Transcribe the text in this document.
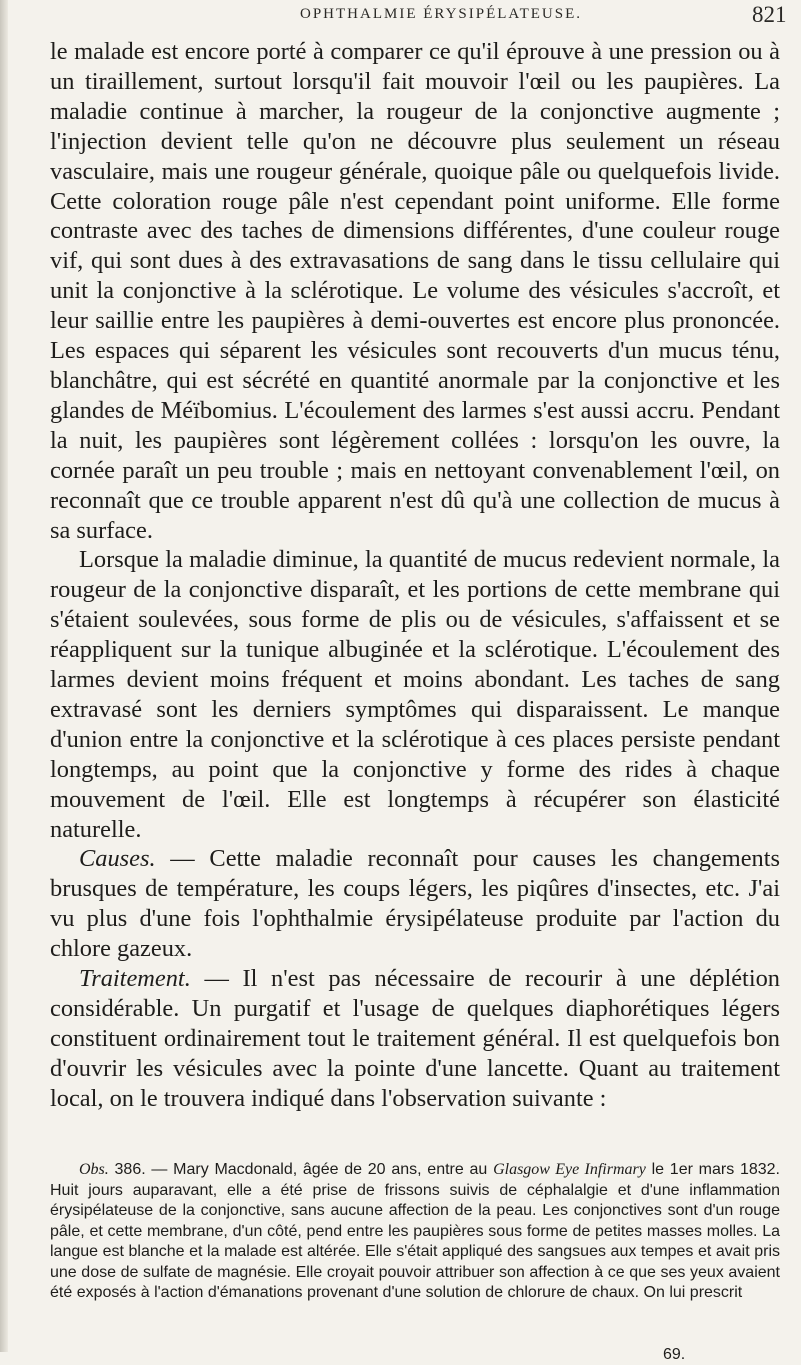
OPHTHALMIE ÉRYSIPÉLATEUSE.	821

le malade est encore porté à comparer ce qu'il éprouve à une pression ou à un tiraillement, surtout lorsqu'il fait mouvoir l'œil ou les paupières. La maladie continue à marcher, la rougeur de la conjonctive augmente ; l'injection devient telle qu'on ne découvre plus seulement un réseau vasculaire, mais une rougeur générale, quoique pâle ou quelquefois livide. Cette coloration rouge pâle n'est cependant point uniforme. Elle forme contraste avec des taches de dimensions différentes, d'une couleur rouge vif, qui sont dues à des extravasations de sang dans le tissu cellulaire qui unit la conjonctive à la sclérotique. Le volume des vésicules s'accroît, et leur saillie entre les paupières à demi-ouvertes est encore plus prononcée. Les espaces qui séparent les vésicules sont recouverts d'un mucus ténu, blanchâtre, qui est sécrété en quantité anormale par la conjonctive et les glandes de Méïbomius. L'écoulement des larmes s'est aussi accru. Pendant la nuit, les paupières sont légèrement collées : lorsqu'on les ouvre, la cornée paraît un peu trouble ; mais en nettoyant convenablement l'œil, on reconnaît que ce trouble apparent n'est dû qu'à une collection de mucus à sa surface.

Lorsque la maladie diminue, la quantité de mucus redevient normale, la rougeur de la conjonctive disparaît, et les portions de cette membrane qui s'étaient soulevées, sous forme de plis ou de vésicules, s'affaissent et se réappliquent sur la tunique albuginée et la sclérotique. L'écoulement des larmes devient moins fréquent et moins abondant. Les taches de sang extravasé sont les derniers symptômes qui disparaissent. Le manque d'union entre la conjonctive et la sclérotique à ces places persiste pendant longtemps, au point que la conjonctive y forme des rides à chaque mouvement de l'œil. Elle est longtemps à récupérer son élasticité naturelle.

Causes. — Cette maladie reconnaît pour causes les changements brusques de température, les coups légers, les piqûres d'insectes, etc. J'ai vu plus d'une fois l'ophthalmie érysipélateuse produite par l'action du chlore gazeux.

Traitement. — Il n'est pas nécessaire de recourir à une déplétion considérable. Un purgatif et l'usage de quelques diaphorétiques légers constituent ordinairement tout le traitement général. Il est quelquefois bon d'ouvrir les vésicules avec la pointe d'une lancette. Quant au traitement local, on le trouvera indiqué dans l'observation suivante :

Obs. 386. — Mary Macdonald, âgée de 20 ans, entre au Glasgow Eye Infirmary le 1er mars 1832. Huit jours auparavant, elle a été prise de frissons suivis de céphalalgie et d'une inflammation érysipélateuse de la conjonctive, sans aucune affection de la peau. Les conjonctives sont d'un rouge pâle, et cette membrane, d'un côté, pend entre les paupières sous forme de petites masses molles. La langue est blanche et la malade est altérée. Elle s'était appliqué des sangsues aux tempes et avait pris une dose de sulfate de magnésie. Elle croyait pouvoir attribuer son affection à ce que ses yeux avaient été exposés à l'action d'émanations provenant d'une solution de chlorure de chaux. On lui prescrit

69.
